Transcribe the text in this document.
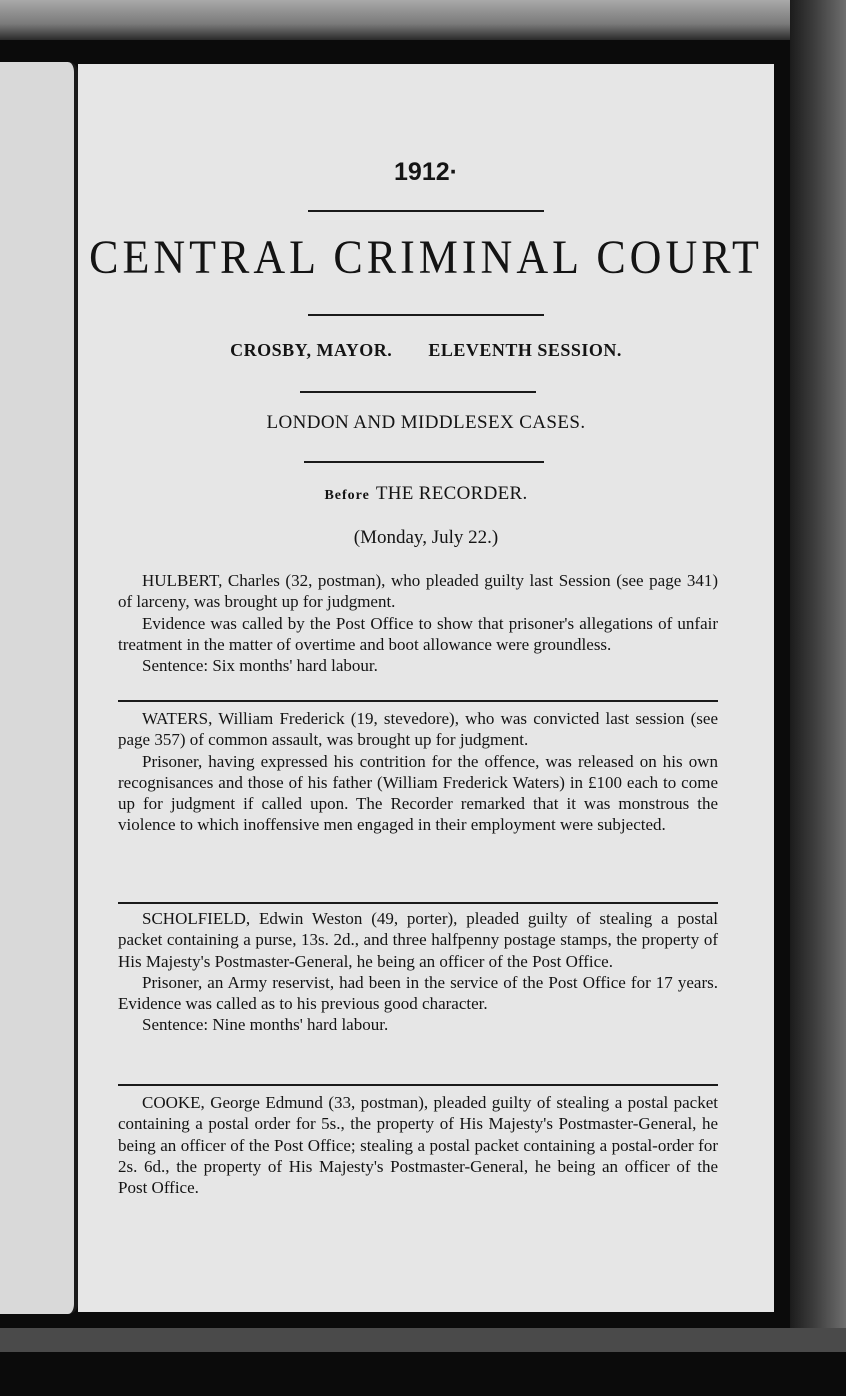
1912·
CENTRAL CRIMINAL COURT
CROSBY, MAYOR. ELEVENTH SESSION.
LONDON AND MIDDLESEX CASES.
Before THE RECORDER.
(Monday, July 22.)

HULBERT, Charles (32, postman), who pleaded guilty last Session (see page 341) of larceny, was brought up for judgment.

Evidence was called by the Post Office to show that prisoner's allegations of unfair treatment in the matter of overtime and boot allowance were groundless.

Sentence: Six months' hard labour.

WATERS, William Frederick (19, stevedore), who was convicted last session (see page 357) of common assault, was brought up for judgment.

Prisoner, having expressed his contrition for the offence, was released on his own recognisances and those of his father (William Frederick Waters) in £100 each to come up for judgment if called upon. The Recorder remarked that it was monstrous the violence to which inoffensive men engaged in their employment were subjected.

SCHOLFIELD, Edwin Weston (49, porter), pleaded guilty of stealing a postal packet containing a purse, 13s. 2d., and three halfpenny postage stamps, the property of His Majesty's Postmaster-General, he being an officer of the Post Office.

Prisoner, an Army reservist, had been in the service of the Post Office for 17 years. Evidence was called as to his previous good character.

Sentence: Nine months' hard labour.

COOKE, George Edmund (33, postman), pleaded guilty of stealing a postal packet containing a postal order for 5s., the property of His Majesty's Postmaster-General, he being an officer of the Post Office; stealing a postal packet containing a postal-order for 2s. 6d., the property of His Majesty's Postmaster-General, he being an officer of the Post Office.
